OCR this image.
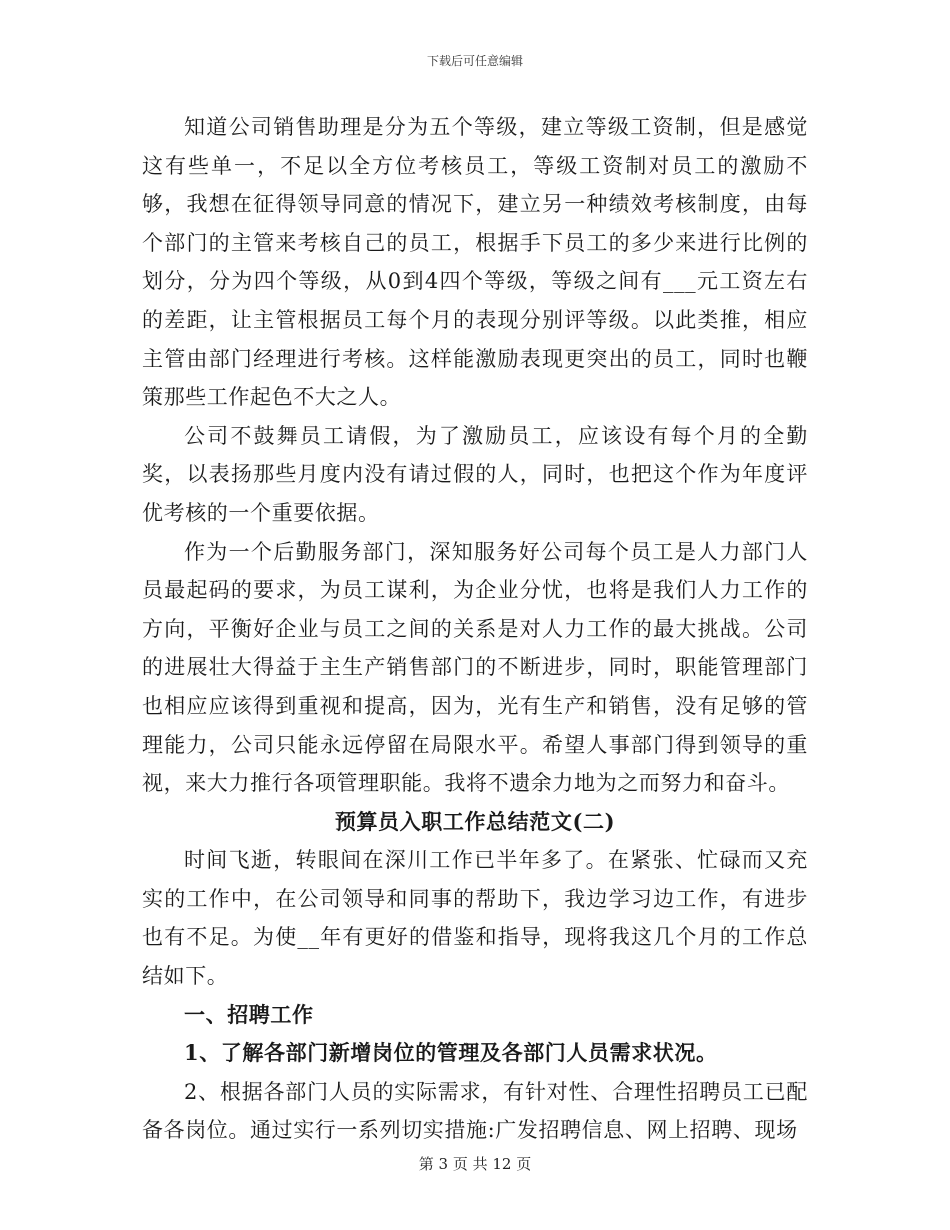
下载后可任意编辑

知道公司销售助理是分为五个等级，建立等级工资制，但是感觉这有些单一，不足以全方位考核员工，等级工资制对员工的激励不够，我想在征得领导同意的情况下，建立另一种绩效考核制度，由每个部门的主管来考核自己的员工，根据手下员工的多少来进行比例的划分，分为四个等级，从0到4四个等级，等级之间有___元工资左右的差距，让主管根据员工每个月的表现分别评等级。以此类推，相应主管由部门经理进行考核。这样能激励表现更突出的员工，同时也鞭策那些工作起色不大之人。

公司不鼓舞员工请假，为了激励员工，应该设有每个月的全勤奖，以表扬那些月度内没有请过假的人，同时，也把这个作为年度评优考核的一个重要依据。

作为一个后勤服务部门，深知服务好公司每个员工是人力部门人员最起码的要求，为员工谋利，为企业分忧，也将是我们人力工作的方向，平衡好企业与员工之间的关系是对人力工作的最大挑战。公司的进展壮大得益于主生产销售部门的不断进步，同时，职能管理部门也相应应该得到重视和提高，因为，光有生产和销售，没有足够的管理能力，公司只能永远停留在局限水平。希望人事部门得到领导的重视，来大力推行各项管理职能。我将不遗余力地为之而努力和奋斗。

预算员入职工作总结范文(二)

时间飞逝，转眼间在深川工作已半年多了。在紧张、忙碌而又充实的工作中，在公司领导和同事的帮助下，我边学习边工作，有进步也有不足。为使__年有更好的借鉴和指导，现将我这几个月的工作总结如下。

一、招聘工作

1、了解各部门新增岗位的管理及各部门人员需求状况。

2、根据各部门人员的实际需求，有针对性、合理性招聘员工已配备各岗位。通过实行一系列切实措施:广发招聘信息、网上招聘、现场

第 3 页 共 12 页
